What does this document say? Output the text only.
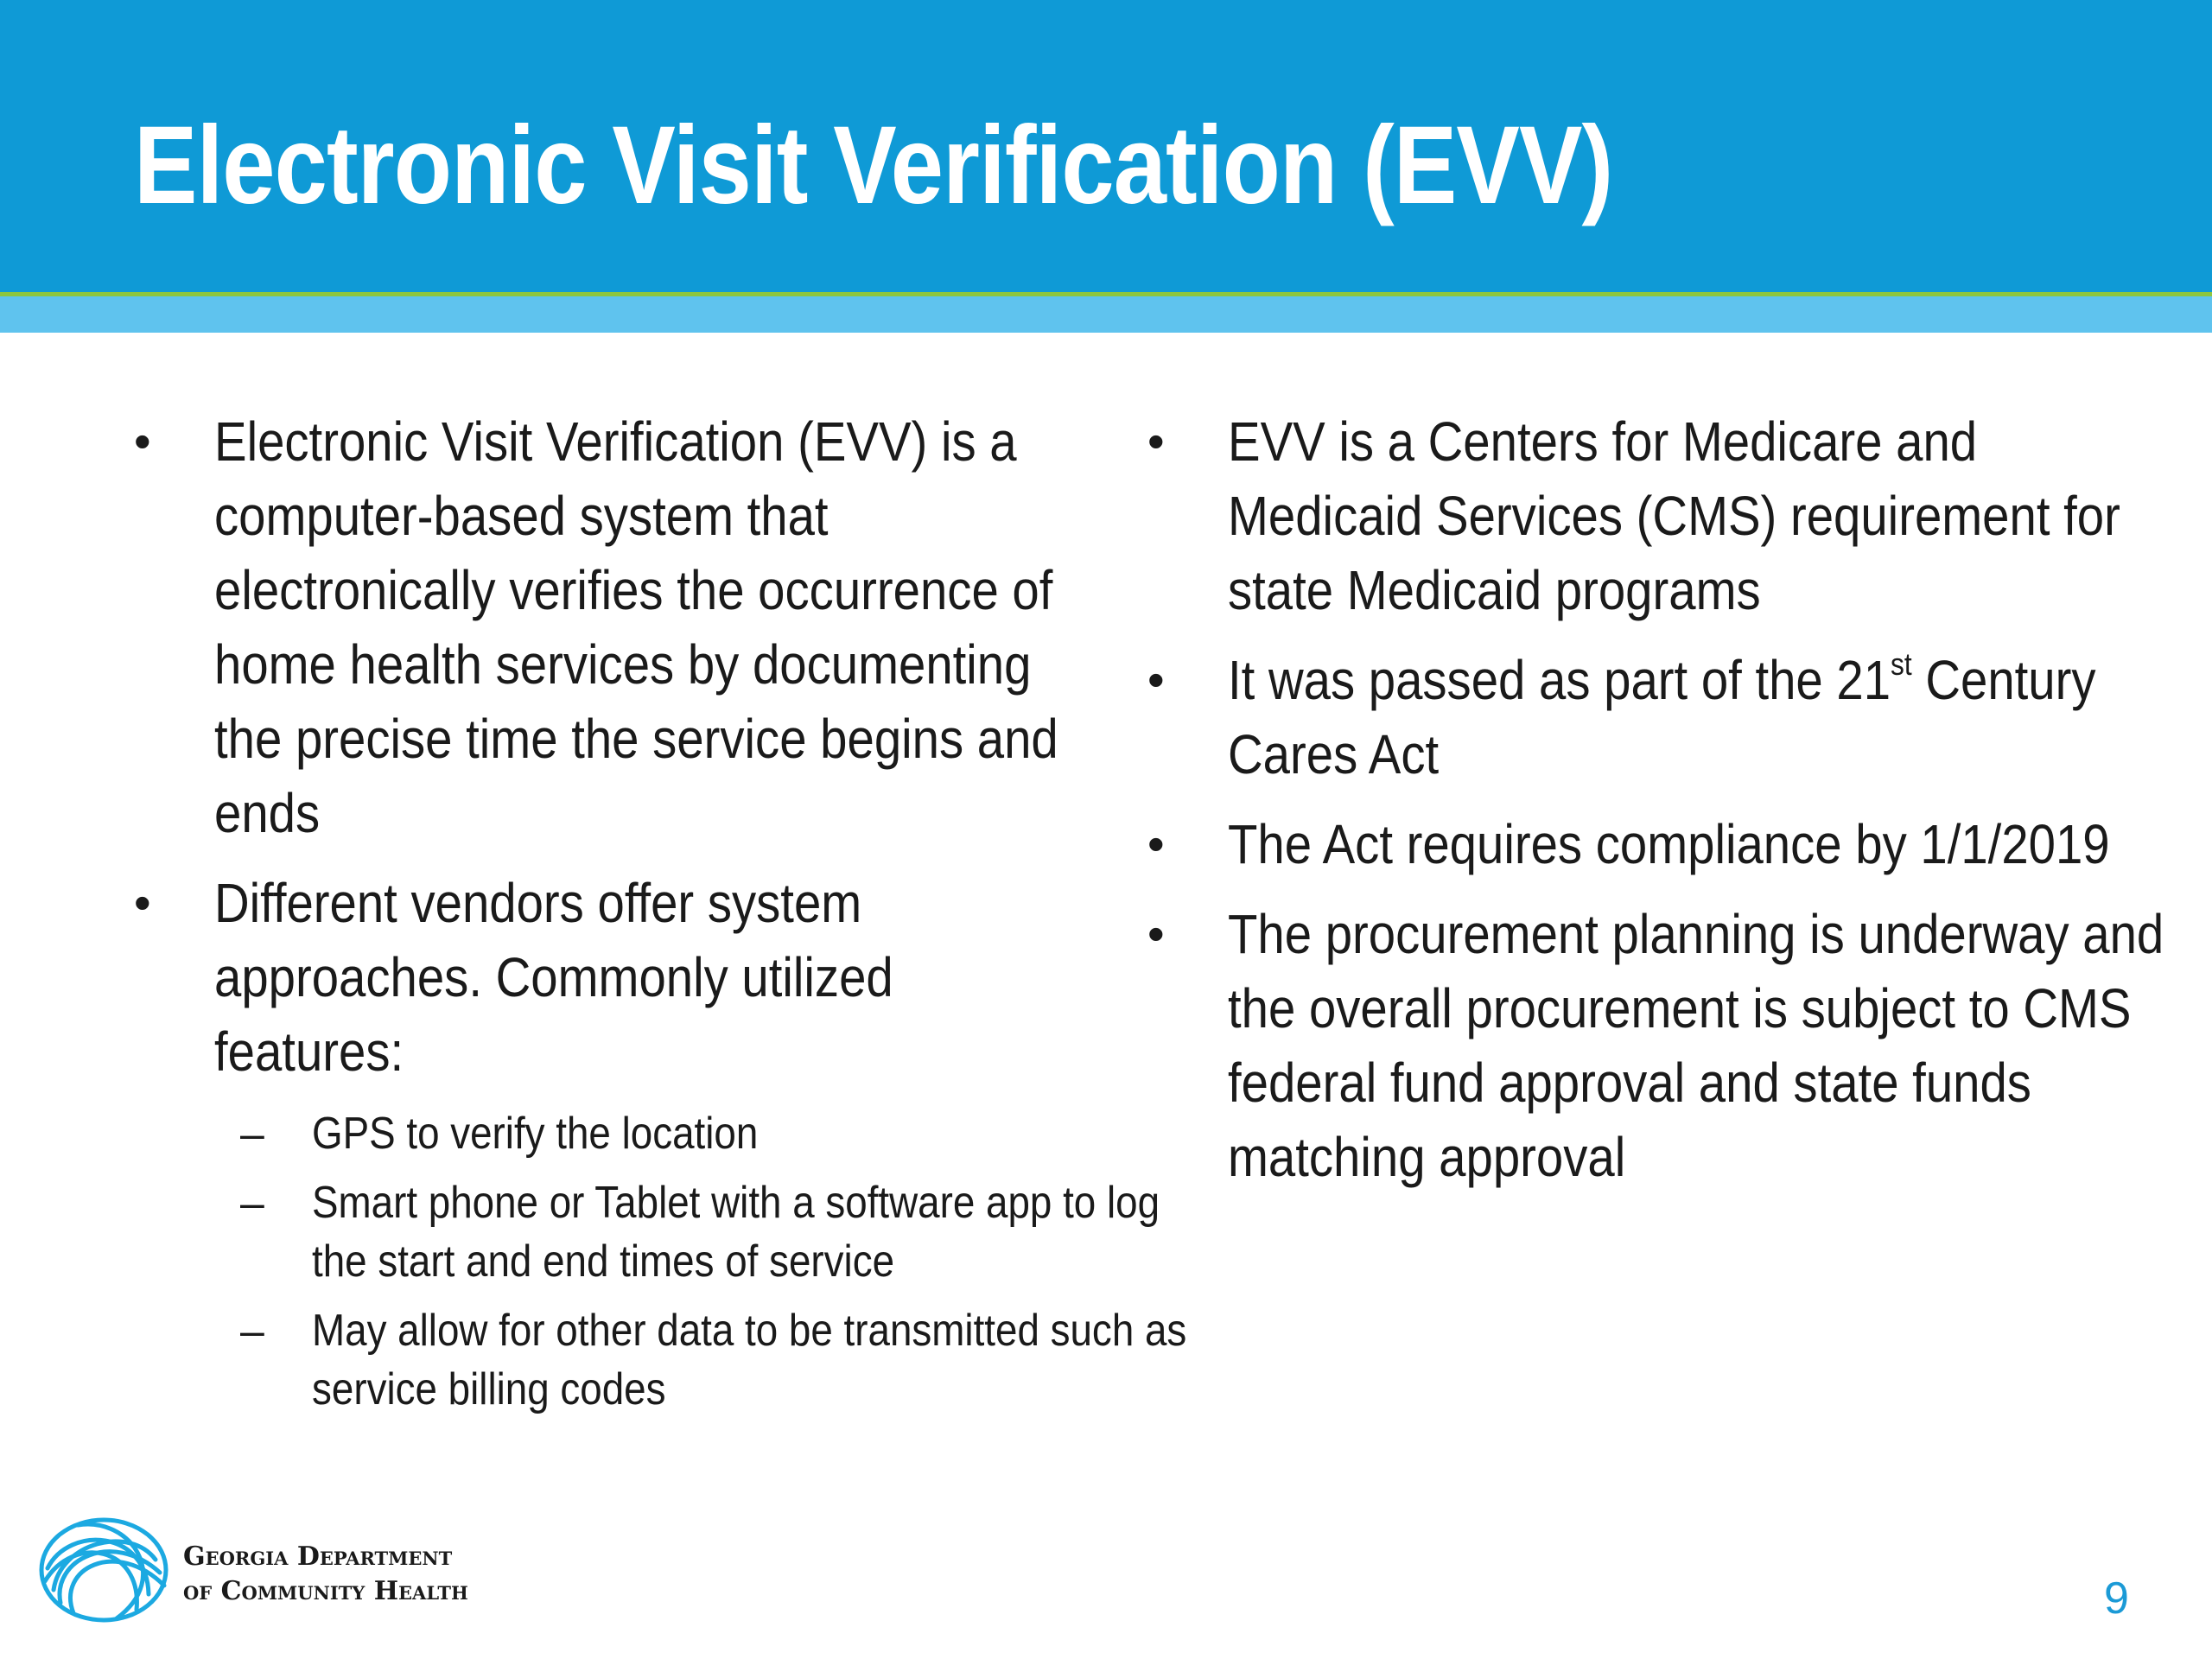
Electronic Visit Verification (EVV)
• Electronic Visit Verification (EVV) is a computer-based system that electronically verifies the occurrence of home health services by documenting the precise time the service begins and ends
• Different vendors offer system approaches. Commonly utilized features:
– GPS to verify the location
– Smart phone or Tablet with a software app to log the start and end times of service
– May allow for other data to be transmitted such as service billing codes
• EVV is a Centers for Medicare and Medicaid Services (CMS) requirement for state Medicaid programs
• It was passed as part of the 21st Century Cares Act
• The Act requires compliance by 1/1/2019
• The procurement planning is underway and the overall procurement is subject to CMS federal fund approval and state funds matching approval
Georgia Department
of Community Health	9
